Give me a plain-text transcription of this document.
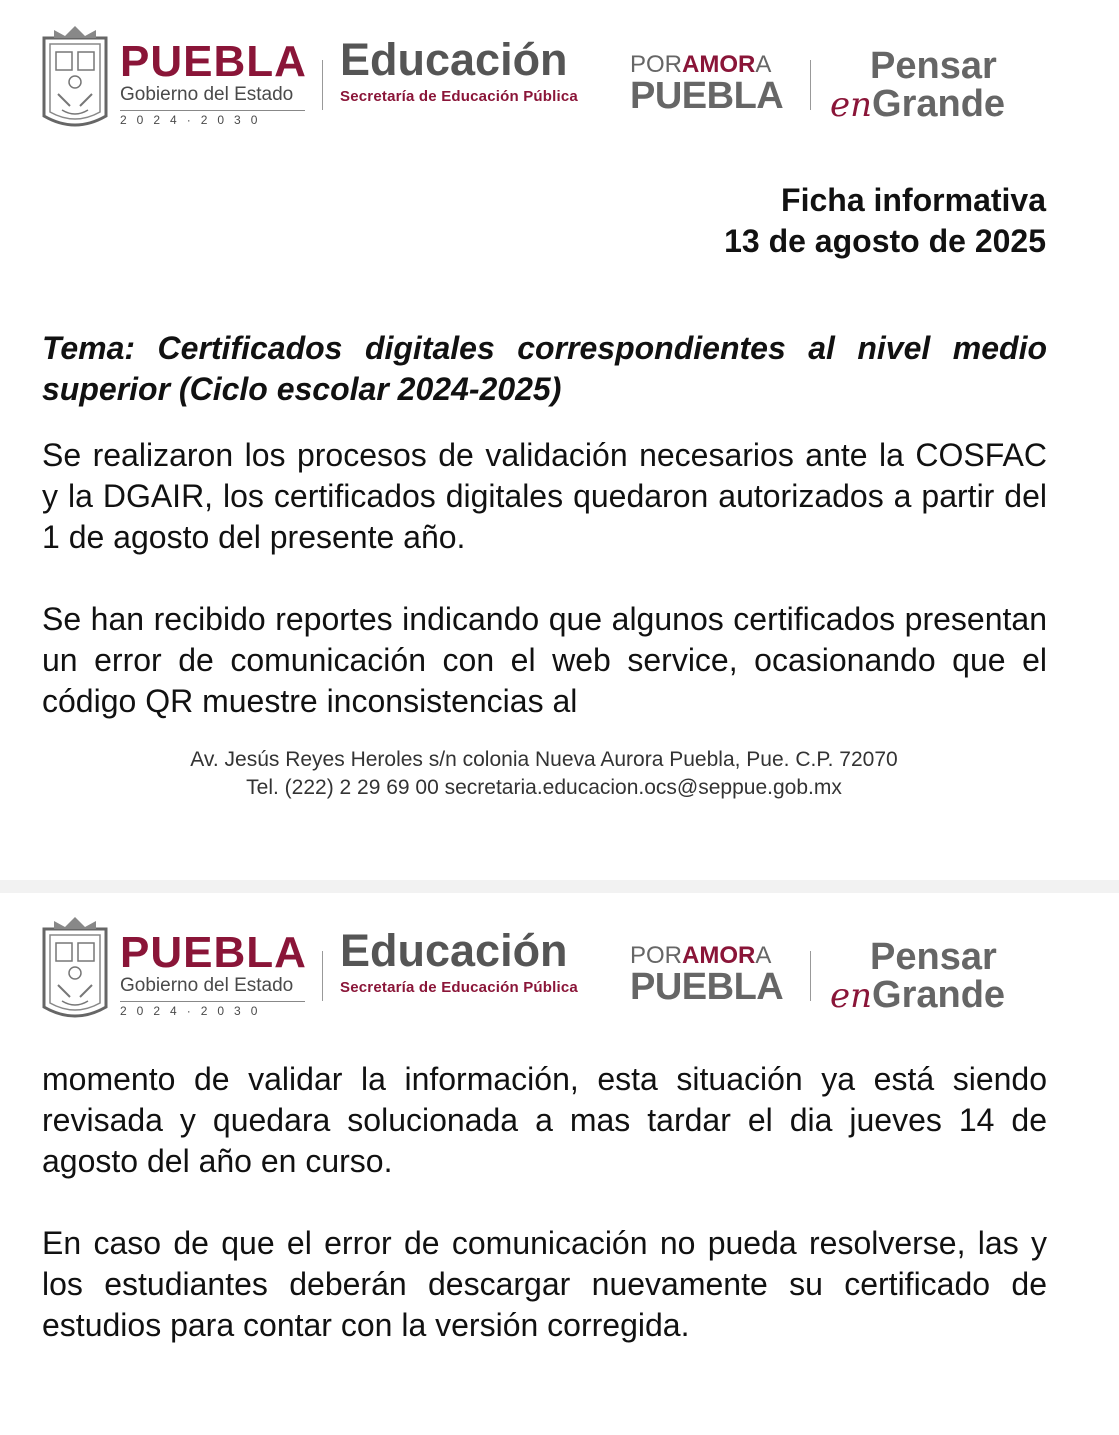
PUEBLA
Gobierno del Estado
2024·2030
Educación
Secretaría de Educación Pública
PORAMORA
PUEBLA
Pensar
enGrande
Ficha informativa
13 de agosto de 2025
Tema: Certificados digitales correspondientes al nivel medio superior (Ciclo escolar 2024-2025)
Se realizaron los procesos de validación necesarios ante la COSFAC y la DGAIR, los certificados digitales quedaron autorizados a partir del 1 de agosto del presente año.
Se han recibido reportes indicando que algunos certificados presentan un error de comunicación con el web service, ocasionando que el código QR muestre inconsistencias al
Av. Jesús Reyes Heroles s/n colonia Nueva Aurora Puebla, Pue. C.P. 72070
Tel. (222) 2 29 69 00 secretaria.educacion.ocs@seppue.gob.mx
PUEBLA
Gobierno del Estado
2024·2030
Educación
Secretaría de Educación Pública
PORAMORA
PUEBLA
Pensar
enGrande
momento de validar la información, esta situación ya está siendo revisada y quedara solucionada a mas tardar el dia jueves 14 de agosto del año en curso.
En caso de que el error de comunicación no pueda resolverse, las y los estudiantes deberán descargar nuevamente su certificado de estudios para contar con la versión corregida.
